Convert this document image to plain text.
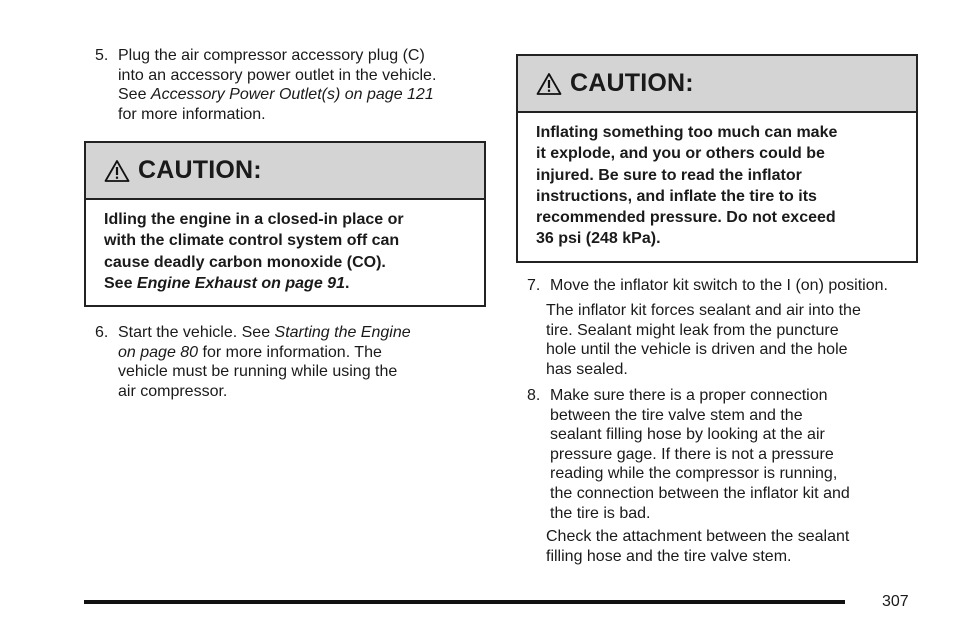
5. Plug the air compressor accessory plug (C)
into an accessory power outlet in the vehicle.
See Accessory Power Outlet(s) on page 121
for more information.
CAUTION:
Idling the engine in a closed-in place or
with the climate control system off can
cause deadly carbon monoxide (CO).
See Engine Exhaust on page 91.
6. Start the vehicle. See Starting the Engine
on page 80 for more information. The
vehicle must be running while using the
air compressor.
CAUTION:
Inflating something too much can make
it explode, and you or others could be
injured. Be sure to read the inflator
instructions, and inflate the tire to its
recommended pressure. Do not exceed
36 psi (248 kPa).
7. Move the inflator kit switch to the I (on) position.
The inflator kit forces sealant and air into the
tire. Sealant might leak from the puncture
hole until the vehicle is driven and the hole
has sealed.
8. Make sure there is a proper connection
between the tire valve stem and the
sealant filling hose by looking at the air
pressure gage. If there is not a pressure
reading while the compressor is running,
the connection between the inflator kit and
the tire is bad.
Check the attachment between the sealant
filling hose and the tire valve stem.
307
